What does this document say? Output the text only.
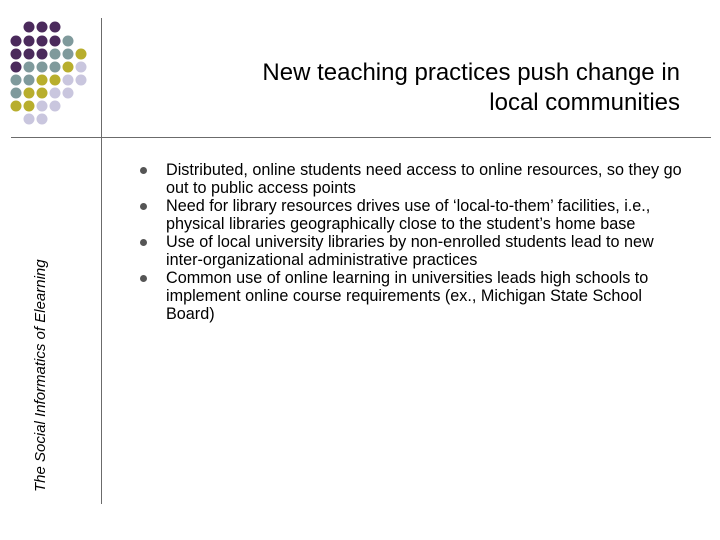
The Social Informatics of Elearning
New teaching practices push change in
local communities
Distributed, online students need access to online resources, so they go out to public access points
Need for library resources drives use of ‘local-to-them’ facilities, i.e., physical libraries geographically close to the student’s home base
Use of local university libraries by non-enrolled students lead to new inter-organizational administrative practices
Common use of online learning in universities leads high schools to implement online course requirements (ex., Michigan State School Board)
